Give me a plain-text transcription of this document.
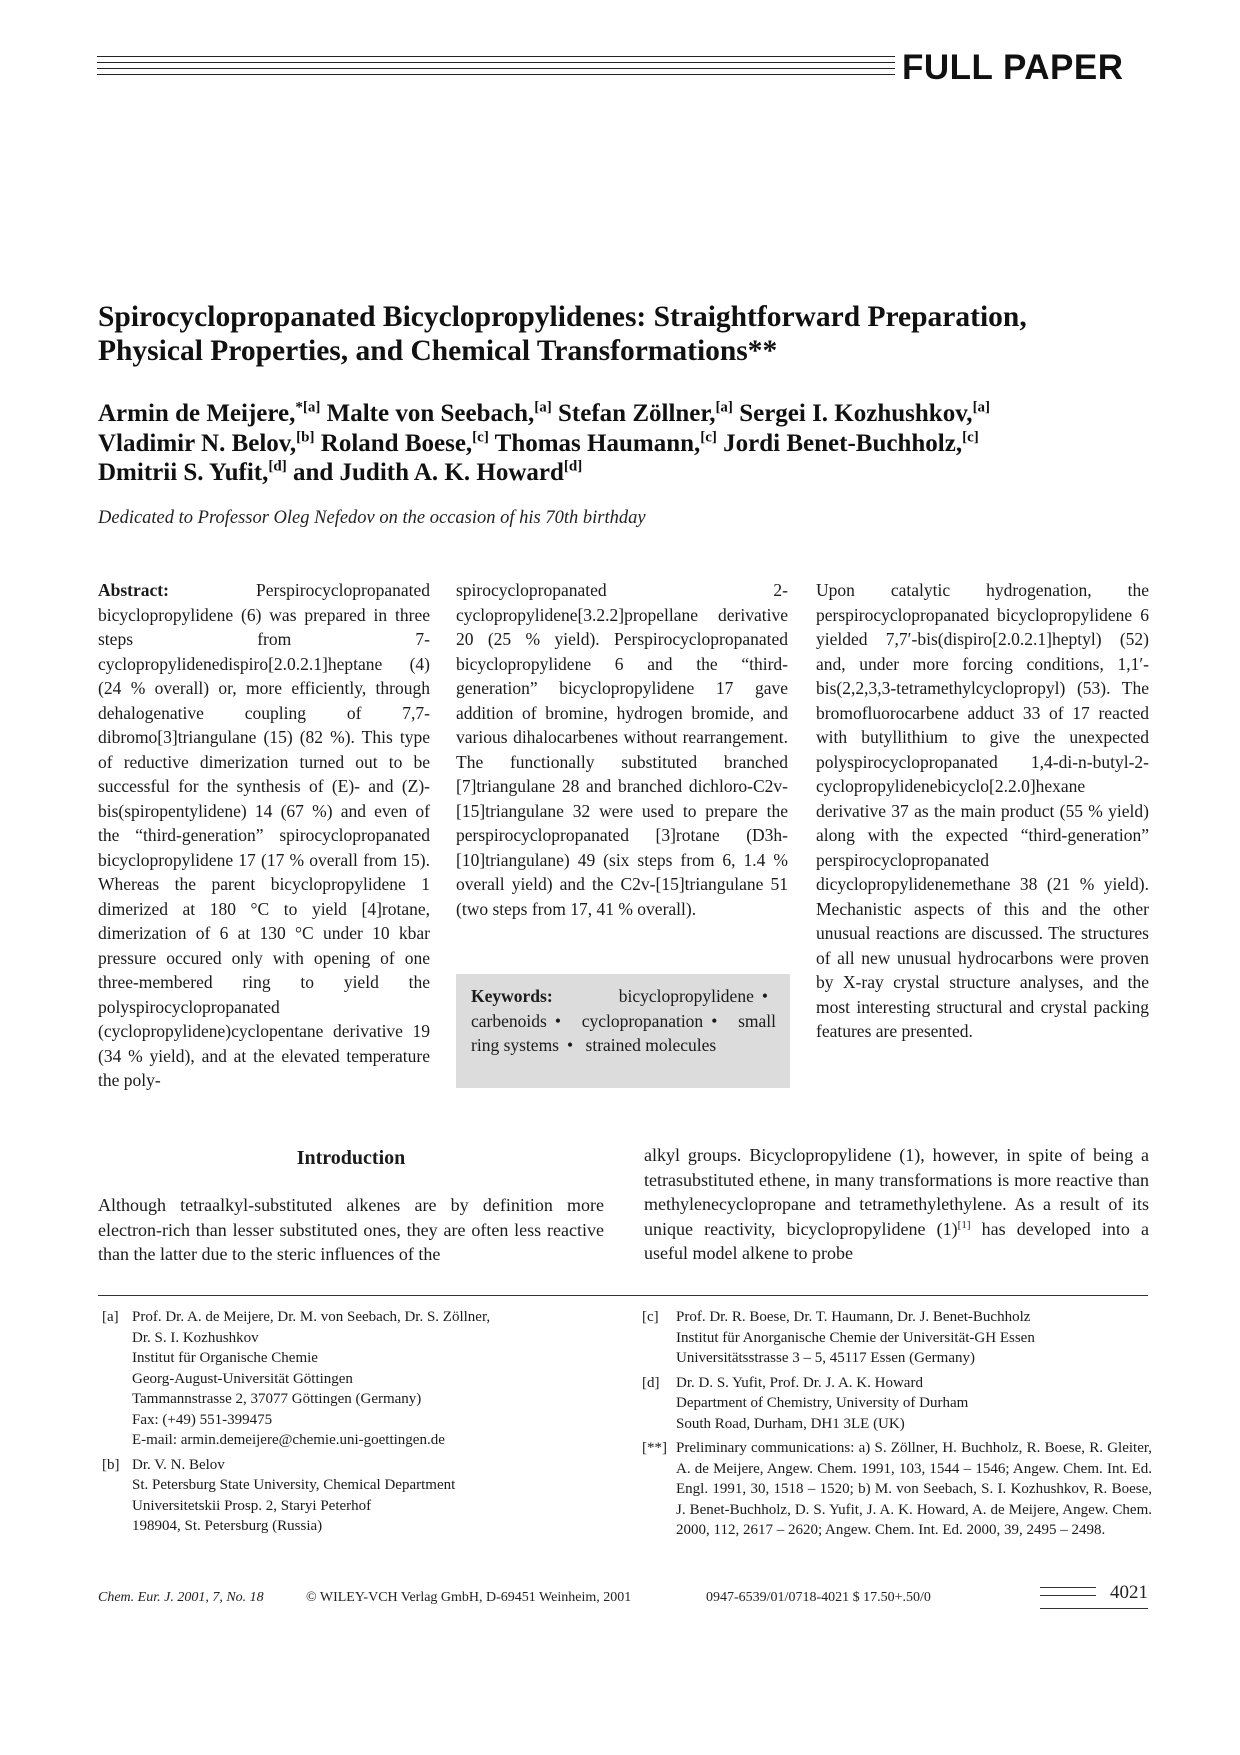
FULL PAPER
Spirocyclopropanated Bicyclopropylidenes: Straightforward Preparation,
Physical Properties, and Chemical Transformations**
Armin de Meijere,$^{*[a]}$ Malte von Seebach,[a] Stefan Zöllner,[a] Sergei I. Kozhushkov,[a]
Vladimir N. Belov,[b] Roland Boese,[c] Thomas Haumann,[c] Jordi Benet-Buchholz,[c]
Dmitrii S. Yufit,[d] and Judith A. K. Howard[d]
Dedicated to Professor Oleg Nefedov on the occasion of his 70th birthday

Abstract:	Perspirocyclopropanated bicyclopropylidene (6) was prepared in three steps from 7-cyclopropylidenedispiro[2.0.2.1]heptane (4) (24 % overall) or, more efficiently, through dehalogenative coupling of 7,7-dibromo[3]triangulane (15) (82 %). This type of reductive dimerization turned out to be successful for the synthesis of (E)- and (Z)-bis(spiropentylidene) 14 (67 %) and even of the “third-generation” spirocyclopropanated bicyclopropylidene 17 (17 % overall from 15). Whereas the parent bicyclopropylidene 1 dimerized at 180 °C to yield [4]rotane, dimerization of 6 at 130 °C under 10 kbar pressure occured only with opening of one three-membered ring to yield the polyspirocyclopropanated (cyclopropylidene)cyclopentane derivative 19 (34 % yield), and at the elevated temperature the poly-

spirocyclopropanated 2-cyclopropylidene[3.2.2]propellane derivative 20 (25 % yield). Perspirocyclopropanated bicyclopropylidene 6 and the “third-generation” bicyclopropylidene 17 gave addition of bromine, hydrogen bromide, and various dihalocarbenes without rearrangement. The functionally substituted branched [7]triangulane 28 and branched dichloro-C2v-[15]triangulane 32 were used to prepare the perspirocyclopropanated [3]rotane (D3h-[10]triangulane) 49 (six steps from 6, 1.4 % overall yield) and the C2v-[15]triangulane 51 (two steps from 17, 41 % overall).

Keywords:	bicyclopropylidene • carbenoids • cyclopropanation • small ring systems • strained molecules

Upon catalytic hydrogenation, the perspirocyclopropanated bicyclopropylidene 6 yielded 7,7′-bis(dispiro[2.0.2.1]heptyl) (52) and, under more forcing conditions, 1,1′-bis(2,2,3,3-tetramethylcyclopropyl) (53). The bromofluorocarbene adduct 33 of 17 reacted with butyllithium to give the unexpected polyspirocyclopropanated 1,4-di-n-butyl-2-cyclopropylidenebicyclo[2.2.0]hexane derivative 37 as the main product (55 % yield) along with the expected “third-generation” perspirocyclopropanated dicyclopropylidenemethane 38 (21 % yield). Mechanistic aspects of this and the other unusual reactions are discussed. The structures of all new unusual hydrocarbons were proven by X-ray crystal structure analyses, and the most interesting structural and crystal packing features are presented.

Introduction
Although tetraalkyl-substituted alkenes are by definition more electron-rich than lesser substituted ones, they are often less reactive than the latter due to the steric influences of the
alkyl groups. Bicyclopropylidene (1), however, in spite of being a tetrasubstituted ethene, in many transformations is more reactive than methylenecyclopropane and tetramethylethylene. As a result of its unique reactivity, bicyclopropylidene (1)[1] has developed into a useful model alkene to probe
[a] Prof. Dr. A. de Meijere, Dr. M. von Seebach, Dr. S. Zöllner,
Dr. S. I. Kozhushkov
Institut für Organische Chemie
Georg-August-Universität Göttingen
Tammannstrasse 2, 37077 Göttingen (Germany)
Fax: (+49) 551-399475
E-mail: armin.demeijere@chemie.uni-goettingen.de
[b] Dr. V. N. Belov
St. Petersburg State University, Chemical Department
Universitetskii Prosp. 2, Staryi Peterhof
198904, St. Petersburg (Russia)
[c]	Prof. Dr. R. Boese, Dr. T. Haumann, Dr. J. Benet-Buchholz
Institut für Anorganische Chemie der Universität-GH Essen
Universitätsstrasse 3 – 5, 45117 Essen (Germany)
[d]	Dr. D. S. Yufit, Prof. Dr. J. A. K. Howard
Department of Chemistry, University of Durham
South Road, Durham, DH1 3LE (UK)
[**] Preliminary communications: a) S. Zöllner, H. Buchholz, R. Boese, R. Gleiter, A. de Meijere, Angew. Chem. 1991, 103, 1544 – 1546; Angew. Chem. Int. Ed. Engl. 1991, 30, 1518 – 1520; b) M. von Seebach, S. I. Kozhushkov, R. Boese, J. Benet-Buchholz, D. S. Yufit, J. A. K. Howard, A. de Meijere, Angew. Chem. 2000, 112, 2617 – 2620; Angew. Chem. Int. Ed. 2000, 39, 2495 – 2498.
Chem. Eur. J. 2001, 7, No. 18	© WILEY-VCH Verlag GmbH, D-69451 Weinheim, 2001	0947-6539/01/0718-4021 $ 17.50+.50/0	4021
